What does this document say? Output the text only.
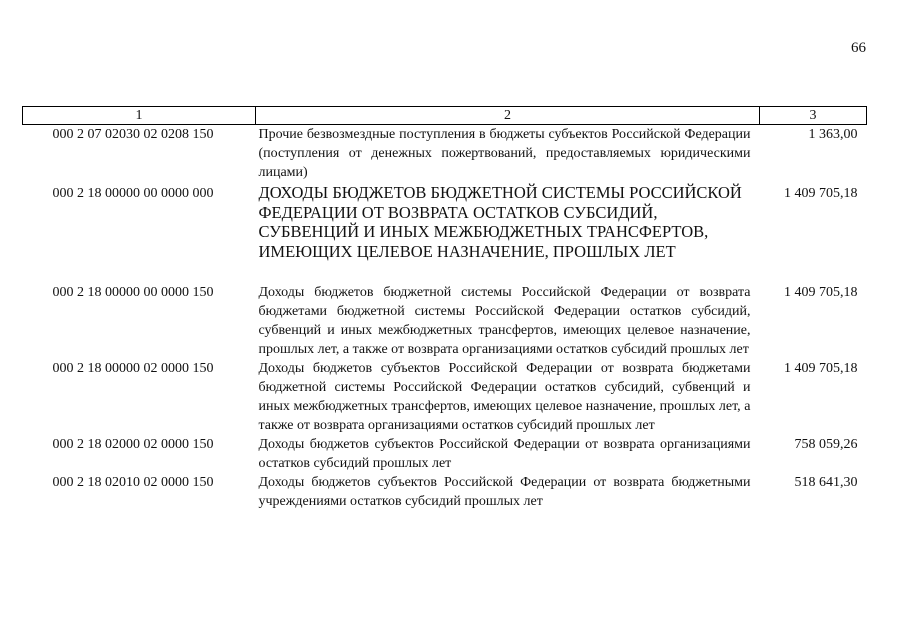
66
1	2	3
000 2 07 02030 02 0208 150	Прочие безвозмездные поступления в бюджеты субъектов Российской Федерации (поступления от денежных пожертвований, предоставляемых юридическими лицами)	1 363,00
000 2 18 00000 00 0000 000	ДОХОДЫ БЮДЖЕТОВ БЮДЖЕТНОЙ СИСТЕМЫ РОССИЙСКОЙ ФЕДЕРАЦИИ ОТ ВОЗВРАТА ОСТАТКОВ СУБСИДИЙ, СУБВЕНЦИЙ И ИНЫХ МЕЖБЮДЖЕТНЫХ ТРАНСФЕРТОВ, ИМЕЮЩИХ ЦЕЛЕВОЕ НАЗНАЧЕНИЕ, ПРОШЛЫХ ЛЕТ	1 409 705,18
000 2 18 00000 00 0000 150	Доходы бюджетов бюджетной системы Российской Федерации от возврата бюджетами бюджетной системы Российской Федерации остатков субсидий, субвенций и иных межбюджетных трансфертов, имеющих целевое назначение, прошлых лет, а также от возврата организациями остатков субсидий прошлых лет	1 409 705,18
000 2 18 00000 02 0000 150	Доходы бюджетов субъектов Российской Федерации от возврата бюджетами бюджетной системы Российской Федерации остатков субсидий, субвенций и иных межбюджетных трансфертов, имеющих целевое назначение, прошлых лет, а также от возврата организациями остатков субсидий прошлых лет	1 409 705,18
000 2 18 02000 02 0000 150	Доходы бюджетов субъектов Российской Федерации от возврата организациями остатков субсидий прошлых лет	758 059,26
000 2 18 02010 02 0000 150	Доходы бюджетов субъектов Российской Федерации от возврата бюджетными учреждениями остатков субсидий прошлых лет	518 641,30
